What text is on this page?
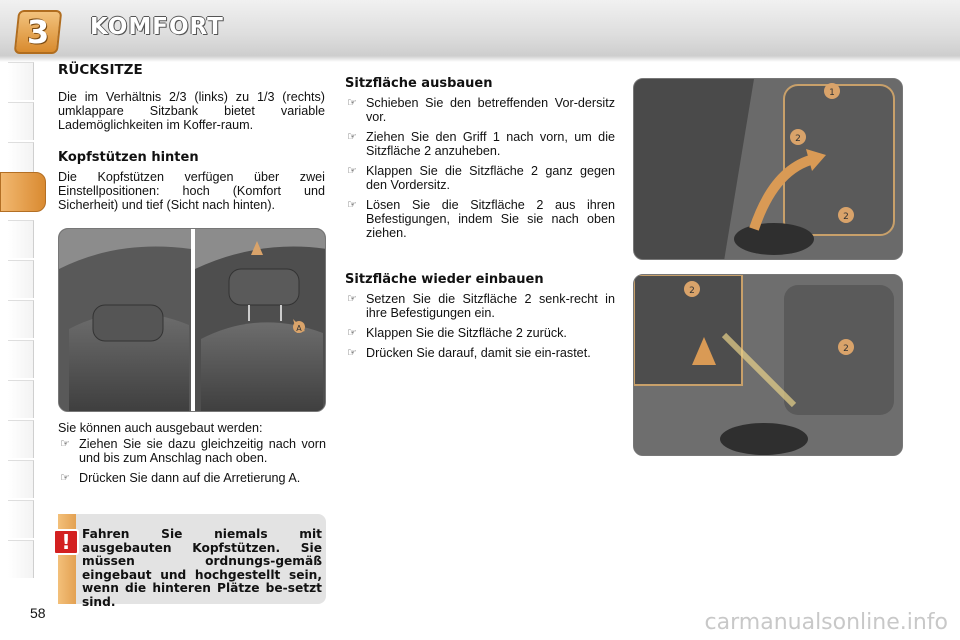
3 KOMFORT
RÜCKSITZE
Die im Verhältnis 2/3 (links) zu 1/3 (rechts) umklappare Sitzbank bietet variable Lademöglichkeiten im Koffer-raum.
Kopfstützen hinten
Die Kopfstützen verfügen über zwei Einstellpositionen: hoch (Komfort und Sicherheit) und tief (Sicht nach hinten).
A
Sie können auch ausgebaut werden:
☞ Ziehen Sie sie dazu gleichzeitig nach vorn und bis zum Anschlag nach oben.
☞ Drücken Sie dann auf die Arretierung A.
! Fahren Sie niemals mit ausgebauten Kopfstützen. Sie müssen ordnungs-gemäß eingebaut und hochgestellt sein, wenn die hinteren Plätze be-setzt sind.
Sitzfläche ausbauen
☞ Schieben Sie den betreffenden Vor-dersitz vor.
☞ Ziehen Sie den Griff 1 nach vorn, um die Sitzfläche 2 anzuheben.
☞ Klappen Sie die Sitzfläche 2 ganz gegen den Vordersitz.
☞ Lösen Sie die Sitzfläche 2 aus ihren Befestigungen, indem Sie sie nach oben ziehen.
Sitzfläche wieder einbauen
☞ Setzen Sie die Sitzfläche 2 senk-recht in ihre Befestigungen ein.
☞ Klappen Sie die Sitzfläche 2 zurück.
☞ Drücken Sie darauf, damit sie ein-rastet.
1
2
2
2
2
58	carmanualsonline.info
